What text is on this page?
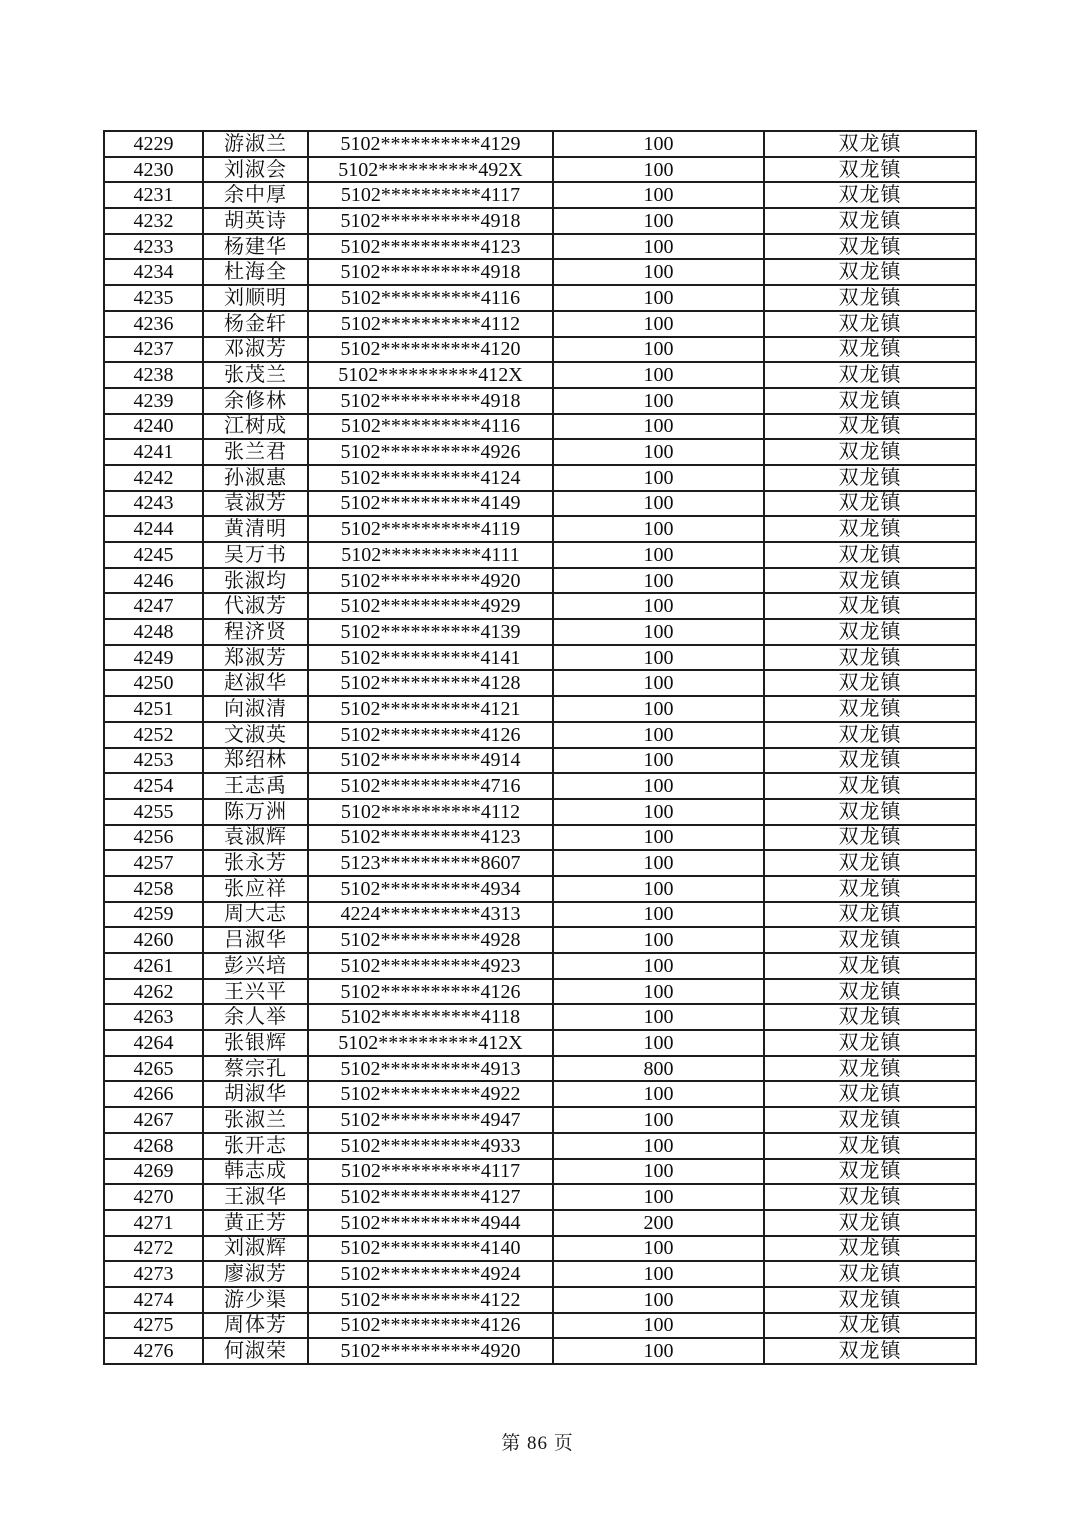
4229	游淑兰	5102**********4129	100	双龙镇
4230	刘淑会	5102**********492X	100	双龙镇
4231	余中厚	5102**********4117	100	双龙镇
4232	胡英诗	5102**********4918	100	双龙镇
4233	杨建华	5102**********4123	100	双龙镇
4234	杜海全	5102**********4918	100	双龙镇
4235	刘顺明	5102**********4116	100	双龙镇
4236	杨金轩	5102**********4112	100	双龙镇
4237	邓淑芳	5102**********4120	100	双龙镇
4238	张茂兰	5102**********412X	100	双龙镇
4239	余修林	5102**********4918	100	双龙镇
4240	江树成	5102**********4116	100	双龙镇
4241	张兰君	5102**********4926	100	双龙镇
4242	孙淑惠	5102**********4124	100	双龙镇
4243	袁淑芳	5102**********4149	100	双龙镇
4244	黄清明	5102**********4119	100	双龙镇
4245	吴万书	5102**********4111	100	双龙镇
4246	张淑均	5102**********4920	100	双龙镇
4247	代淑芳	5102**********4929	100	双龙镇
4248	程济贤	5102**********4139	100	双龙镇
4249	郑淑芳	5102**********4141	100	双龙镇
4250	赵淑华	5102**********4128	100	双龙镇
4251	向淑清	5102**********4121	100	双龙镇
4252	文淑英	5102**********4126	100	双龙镇
4253	郑绍林	5102**********4914	100	双龙镇
4254	王志禹	5102**********4716	100	双龙镇
4255	陈万洲	5102**********4112	100	双龙镇
4256	袁淑辉	5102**********4123	100	双龙镇
4257	张永芳	5123**********8607	100	双龙镇
4258	张应祥	5102**********4934	100	双龙镇
4259	周大志	4224**********4313	100	双龙镇
4260	吕淑华	5102**********4928	100	双龙镇
4261	彭兴培	5102**********4923	100	双龙镇
4262	王兴平	5102**********4126	100	双龙镇
4263	余人举	5102**********4118	100	双龙镇
4264	张银辉	5102**********412X	100	双龙镇
4265	蔡宗孔	5102**********4913	800	双龙镇
4266	胡淑华	5102**********4922	100	双龙镇
4267	张淑兰	5102**********4947	100	双龙镇
4268	张开志	5102**********4933	100	双龙镇
4269	韩志成	5102**********4117	100	双龙镇
4270	王淑华	5102**********4127	100	双龙镇
4271	黄正芳	5102**********4944	200	双龙镇
4272	刘淑辉	5102**********4140	100	双龙镇
4273	廖淑芳	5102**********4924	100	双龙镇
4274	游少渠	5102**********4122	100	双龙镇
4275	周体芳	5102**********4126	100	双龙镇
4276	何淑荣	5102**********4920	100	双龙镇
第 86 页
